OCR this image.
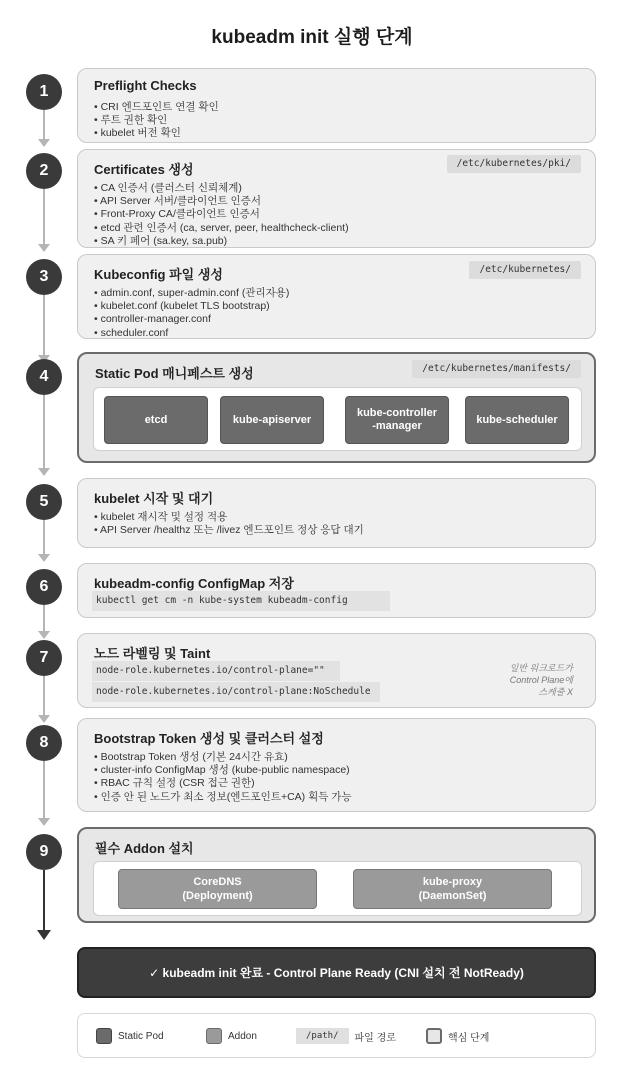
kubeadm init 실행 단계
1
2
3
4
5
6
7
8
9
Preflight Checks
• CRI 엔드포인트 연결 확인
• 루트 권한 확인
• kubelet 버전 확인
Certificates 생성	/etc/kubernetes/pki/
• CA 인증서 (클러스터 신뢰체계)
• API Server 서버/클라이언트 인증서
• Front-Proxy CA/클라이언트 인증서
• etcd 관련 인증서 (ca, server, peer, healthcheck-client)
• SA 키 페어 (sa.key, sa.pub)
Kubeconfig 파일 생성	/etc/kubernetes/
• admin.conf, super-admin.conf (관리자용)
• kubelet.conf (kubelet TLS bootstrap)
• controller-manager.conf
• scheduler.conf
Static Pod 매니페스트 생성	/etc/kubernetes/manifests/
etcd	kube-apiserver
kube-controller
-manager	kube-scheduler
kubelet 시작 및 대기
• kubelet 재시작 및 설정 적용
• API Server /healthz 또는 /livez 엔드포인트 정상 응답 대기
kubeadm-config ConfigMap 저장
kubectl get cm -n kube-system kubeadm-config
노드 라벨링 및 Taint
node-role.kubernetes.io/control-plane=""
node-role.kubernetes.io/control-plane:NoSchedule
일반 워크로드가
Control Plane에
스케줄 X
Bootstrap Token 생성 및 클러스터 설정
• Bootstrap Token 생성 (기본 24시간 유효)
• cluster-info ConfigMap 생성 (kube-public namespace)
• RBAC 규칙 설정 (CSR 접근 권한)
• 인증 안 된 노드가 최소 정보(엔드포인트+CA) 획득 가능
필수 Addon 설치
CoreDNS
(Deployment)
kube-proxy
(DaemonSet)
✓ kubeadm init 완료 - Control Plane Ready (CNI 설치 전 NotReady)
Static Pod	Addon	/path/	파일 경로	핵심 단계
